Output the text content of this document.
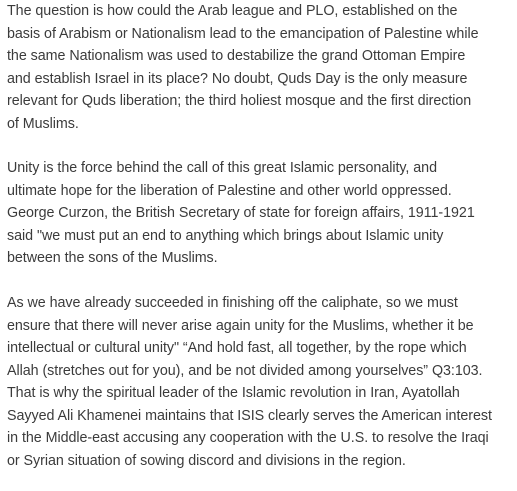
The question is how could the Arab league and PLO, established on the
basis of Arabism or Nationalism lead to the emancipation of Palestine while
the same Nationalism was used to destabilize the grand Ottoman Empire
and establish Israel in its place? No doubt, Quds Day is the only measure
relevant for Quds liberation; the third holiest mosque and the first direction
of Muslims.

Unity is the force behind the call of this great Islamic personality, and
ultimate hope for the liberation of Palestine and other world oppressed.
George Curzon, the British Secretary of state for foreign affairs, 1911-1921
said "we must put an end to anything which brings about Islamic unity
between the sons of the Muslims.

As we have already succeeded in finishing off the caliphate, so we must
ensure that there will never arise again unity for the Muslims, whether it be
intellectual or cultural unity" “And hold fast, all together, by the rope which
Allah (stretches out for you), and be not divided among yourselves” Q3:103.
That is why the spiritual leader of the Islamic revolution in Iran, Ayatollah
Sayyed Ali Khamenei maintains that ISIS clearly serves the American interest
in the Middle-east accusing any cooperation with the U.S. to resolve the Iraqi
or Syrian situation of sowing discord and divisions in the region.
